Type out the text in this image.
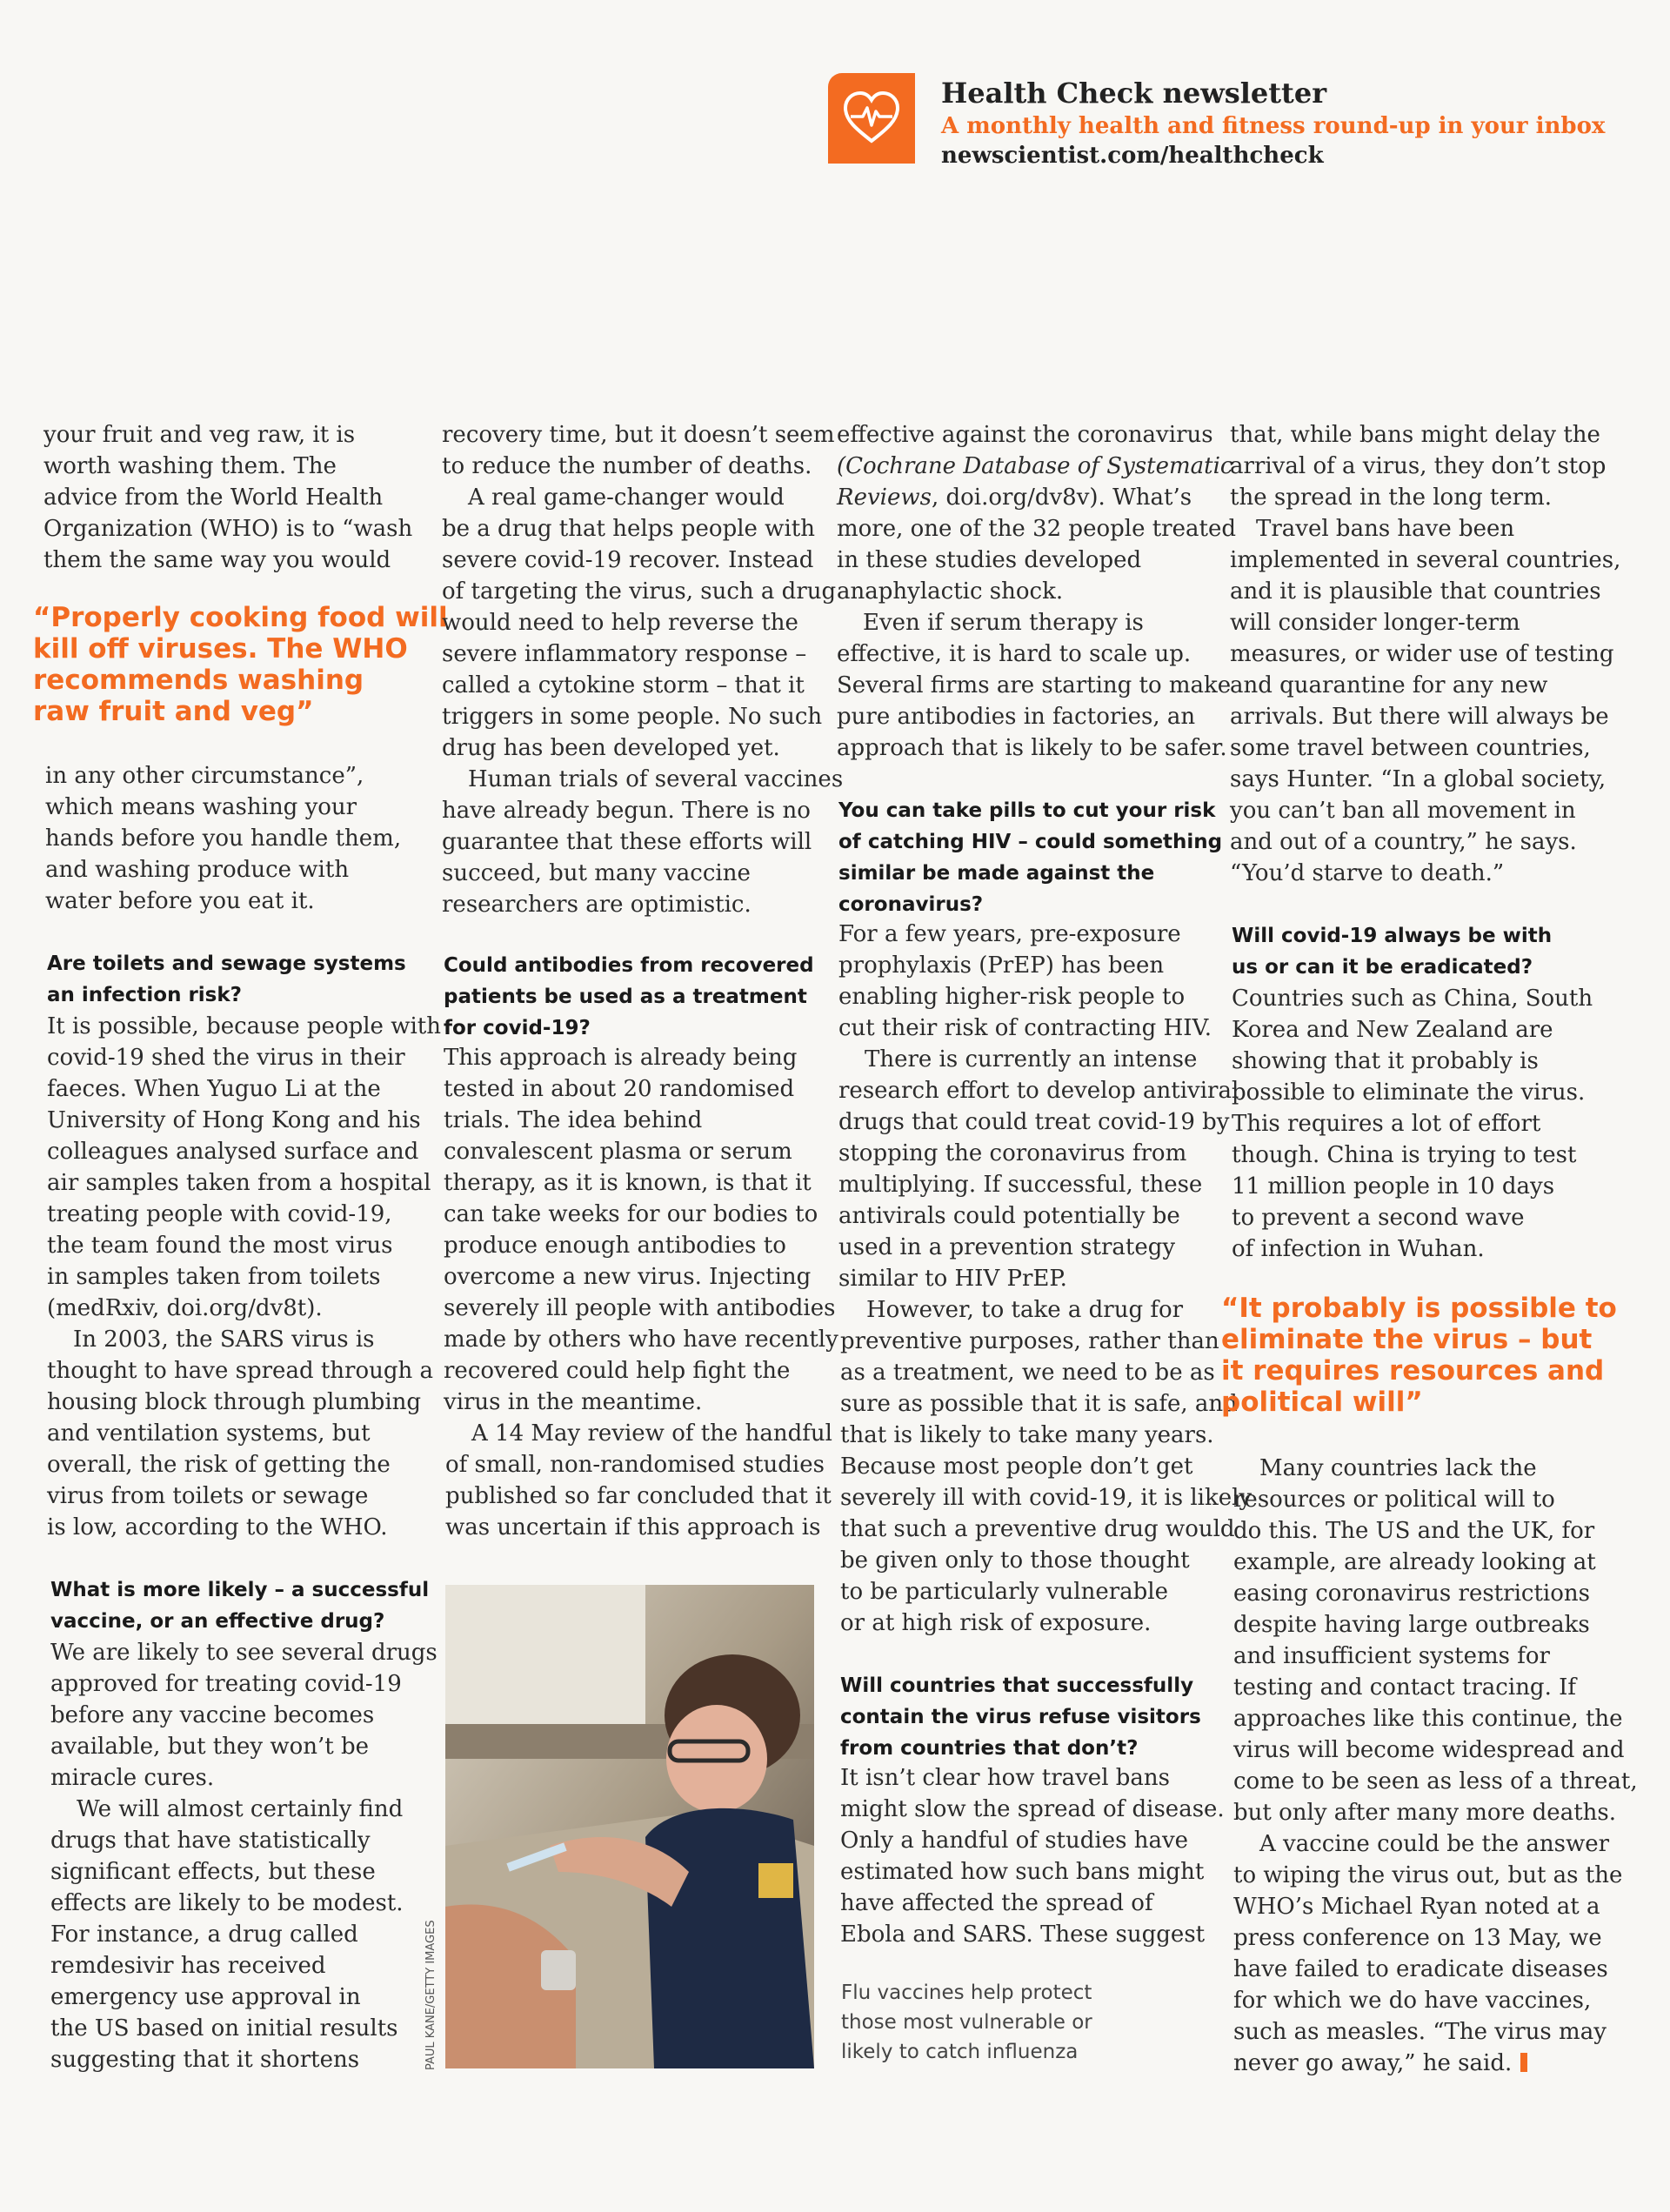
Health Check newsletter
A monthly health and fitness round-up in your inbox
newscientist.com/healthcheck
your fruit and veg raw, it is
worth washing them. The
advice from the World Health
Organization (WHO) is to “wash
them the same way you would
“Properly cooking food will
kill off viruses. The WHO
recommends washing
raw fruit and veg”
in any other circumstance”,
which means washing your
hands before you handle them,
and washing produce with
water before you eat it.
Are toilets and sewage systems
an infection risk?
It is possible, because people with
covid-19 shed the virus in their
faeces. When Yuguo Li at the
University of Hong Kong and his
colleagues analysed surface and
air samples taken from a hospital
treating people with covid-19,
the team found the most virus
in samples taken from toilets
(medRxiv, doi.org/dv8t).
In 2003, the SARS virus is
thought to have spread through a
housing block through plumbing
and ventilation systems, but
overall, the risk of getting the
virus from toilets or sewage
is low, according to the WHO.
What is more likely – a successful
vaccine, or an effective drug?
We are likely to see several drugs
approved for treating covid-19
before any vaccine becomes
available, but they won’t be
miracle cures.
We will almost certainly find
drugs that have statistically
significant effects, but these
effects are likely to be modest.
For instance, a drug called
remdesivir has received
emergency use approval in
the US based on initial results
suggesting that it shortens
recovery time, but it doesn’t seem
to reduce the number of deaths.
A real game-changer would
be a drug that helps people with
severe covid-19 recover. Instead
of targeting the virus, such a drug
would need to help reverse the
severe inflammatory response –
called a cytokine storm – that it
triggers in some people. No such
drug has been developed yet.
Human trials of several vaccines
have already begun. There is no
guarantee that these efforts will
succeed, but many vaccine
researchers are optimistic.
Could antibodies from recovered
patients be used as a treatment
for covid-19?
This approach is already being
tested in about 20 randomised
trials. The idea behind
convalescent plasma or serum
therapy, as it is known, is that it
can take weeks for our bodies to
produce enough antibodies to
overcome a new virus. Injecting
severely ill people with antibodies
made by others who have recently
recovered could help fight the
virus in the meantime.
A 14 May review of the handful
of small, non-randomised studies
published so far concluded that it
was uncertain if this approach is
PAUL KANE/GETTY IMAGES
effective against the coronavirus
(Cochrane Database of Systematic
Reviews, doi.org/dv8v). What’s
more, one of the 32 people treated
in these studies developed
anaphylactic shock.
Even if serum therapy is
effective, it is hard to scale up.
Several firms are starting to make
pure antibodies in factories, an
approach that is likely to be safer.
You can take pills to cut your risk
of catching HIV – could something
similar be made against the
coronavirus?
For a few years, pre-exposure
prophylaxis (PrEP) has been
enabling higher-risk people to
cut their risk of contracting HIV.
There is currently an intense
research effort to develop antiviral
drugs that could treat covid-19 by
stopping the coronavirus from
multiplying. If successful, these
antivirals could potentially be
used in a prevention strategy
similar to HIV PrEP.
However, to take a drug for
preventive purposes, rather than
as a treatment, we need to be as
sure as possible that it is safe, and
that is likely to take many years.
Because most people don’t get
severely ill with covid-19, it is likely
that such a preventive drug would
be given only to those thought
to be particularly vulnerable
or at high risk of exposure.
Will countries that successfully
contain the virus refuse visitors
from countries that don’t?
It isn’t clear how travel bans
might slow the spread of disease.
Only a handful of studies have
estimated how such bans might
have affected the spread of
Ebola and SARS. These suggest
Flu vaccines help protect
those most vulnerable or
likely to catch influenza
that, while bans might delay the
arrival of a virus, they don’t stop
the spread in the long term.
Travel bans have been
implemented in several countries,
and it is plausible that countries
will consider longer-term
measures, or wider use of testing
and quarantine for any new
arrivals. But there will always be
some travel between countries,
says Hunter. “In a global society,
you can’t ban all movement in
and out of a country,” he says.
“You’d starve to death.”
Will covid-19 always be with
us or can it be eradicated?
Countries such as China, South
Korea and New Zealand are
showing that it probably is
possible to eliminate the virus.
This requires a lot of effort
though. China is trying to test
11 million people in 10 days
to prevent a second wave
of infection in Wuhan.
“It probably is possible to
eliminate the virus – but
it requires resources and
political will”
Many countries lack the
resources or political will to
do this. The US and the UK, for
example, are already looking at
easing coronavirus restrictions
despite having large outbreaks
and insufficient systems for
testing and contact tracing. If
approaches like this continue, the
virus will become widespread and
come to be seen as less of a threat,
but only after many more deaths.
A vaccine could be the answer
to wiping the virus out, but as the
WHO’s Michael Ryan noted at a
press conference on 13 May, we
have failed to eradicate diseases
for which we do have vaccines,
such as measles. “The virus may
never go away,” he said.
